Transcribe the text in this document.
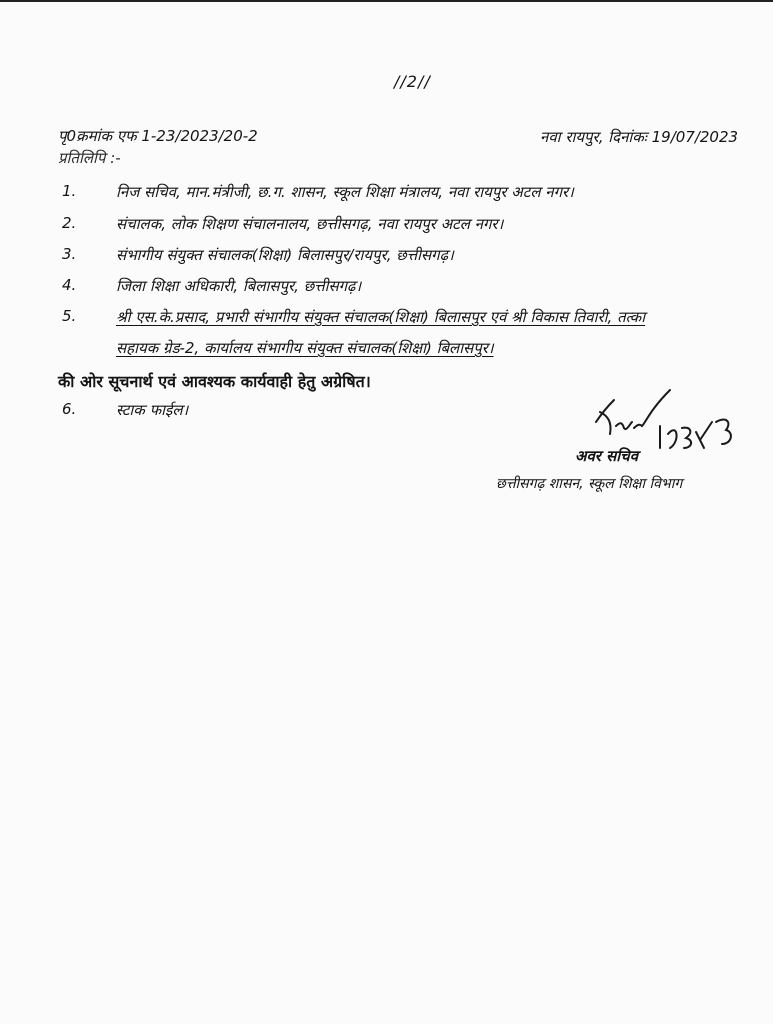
//2//
पृ0क्रमांक एफ 1-23/2023/20-2	नवा रायपुर, दिनांकः 19/07/2023
प्रतिलिपि :-
1.	निज सचिव, मान.मंत्रीजी, छ.ग. शासन, स्कूल शिक्षा मंत्रालय, नवा रायपुर अटल नगर।
2.	संचालक, लोक शिक्षण संचालनालय, छत्तीसगढ़, नवा रायपुर अटल नगर।
3.	संभागीय संयुक्त संचालक(शिक्षा) बिलासपुर/रायपुर, छत्तीसगढ़।
4.	जिला शिक्षा अधिकारी, बिलासपुर, छत्तीसगढ़।
5.	श्री एस.के.प्रसाद, प्रभारी संभागीय संयुक्त संचालक(शिक्षा) बिलासपुर एवं श्री विकास तिवारी, तत्का
सहायक ग्रेड-2, कार्यालय संभागीय संयुक्त संचालक(शिक्षा) बिलासपुर।
की ओर सूचनार्थ एवं आवश्यक कार्यवाही हेतु अग्रेषित।
6.	स्टाक फाईल।
अवर सचिव
छत्तीसगढ़ शासन, स्कूल शिक्षा विभाग
